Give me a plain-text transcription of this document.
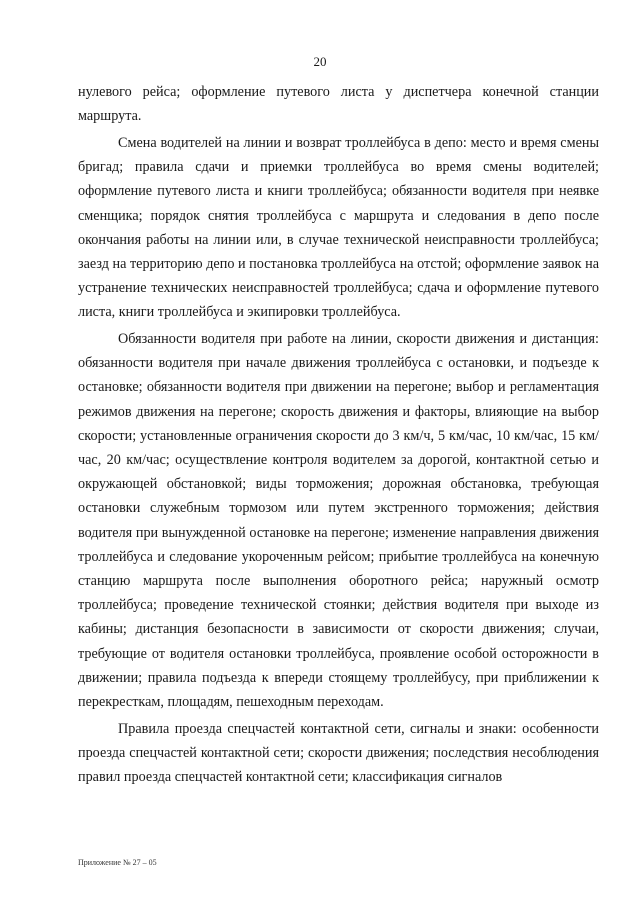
20

нулевого рейса; оформление путевого листа у диспетчера конечной станции маршрута.

Смена водителей на линии и возврат троллейбуса в депо: место и время смены бригад; правила сдачи и приемки троллейбуса во время смены водителей; оформление путевого листа и книги троллейбуса; обязанности водителя при неявке сменщика; порядок снятия троллейбуса с маршрута и следования в депо после окончания работы на линии или, в случае технической неисправности троллейбуса; заезд на территорию депо и постановка троллейбуса на отстой; оформление заявок на устранение технических неисправностей троллейбуса; сдача и оформление путевого листа, книги троллейбуса и экипировки троллейбуса.

Обязанности водителя при работе на линии, скорости движения и дистанция: обязанности водителя при начале движения троллейбуса с остановки, и подъезде к остановке; обязанности водителя при движении на перегоне; выбор и регламентация режимов движения на перегоне; скорость движения и факторы, влияющие на выбор скорости; установленные ограничения скорости до 3 км/ч, 5 км/час, 10 км/час, 15 км/час, 20 км/час; осуществление контроля водителем за дорогой, контактной сетью и окружающей обстановкой; виды торможения; дорожная обстановка, требующая остановки служебным тормозом или путем экстренного торможения; действия водителя при вынужденной остановке на перегоне; изменение направления движения троллейбуса и следование укороченным рейсом; прибытие троллейбуса на конечную станцию маршрута после выполнения оборотного рейса; наружный осмотр троллейбуса; проведение технической стоянки; действия водителя при выходе из кабины; дистанция безопасности в зависимости от скорости движения; случаи, требующие от водителя остановки троллейбуса, проявление особой осторожности в движении; правила подъезда к впереди стоящему троллейбусу, при приближении к перекресткам, площадям, пешеходным переходам.

Правила проезда спецчастей контактной сети, сигналы и знаки: особенности проезда спецчастей контактной сети; скорости движения; последствия несоблюдения правил проезда спецчастей контактной сети; классификация сигналов

Приложение № 27 – 05
